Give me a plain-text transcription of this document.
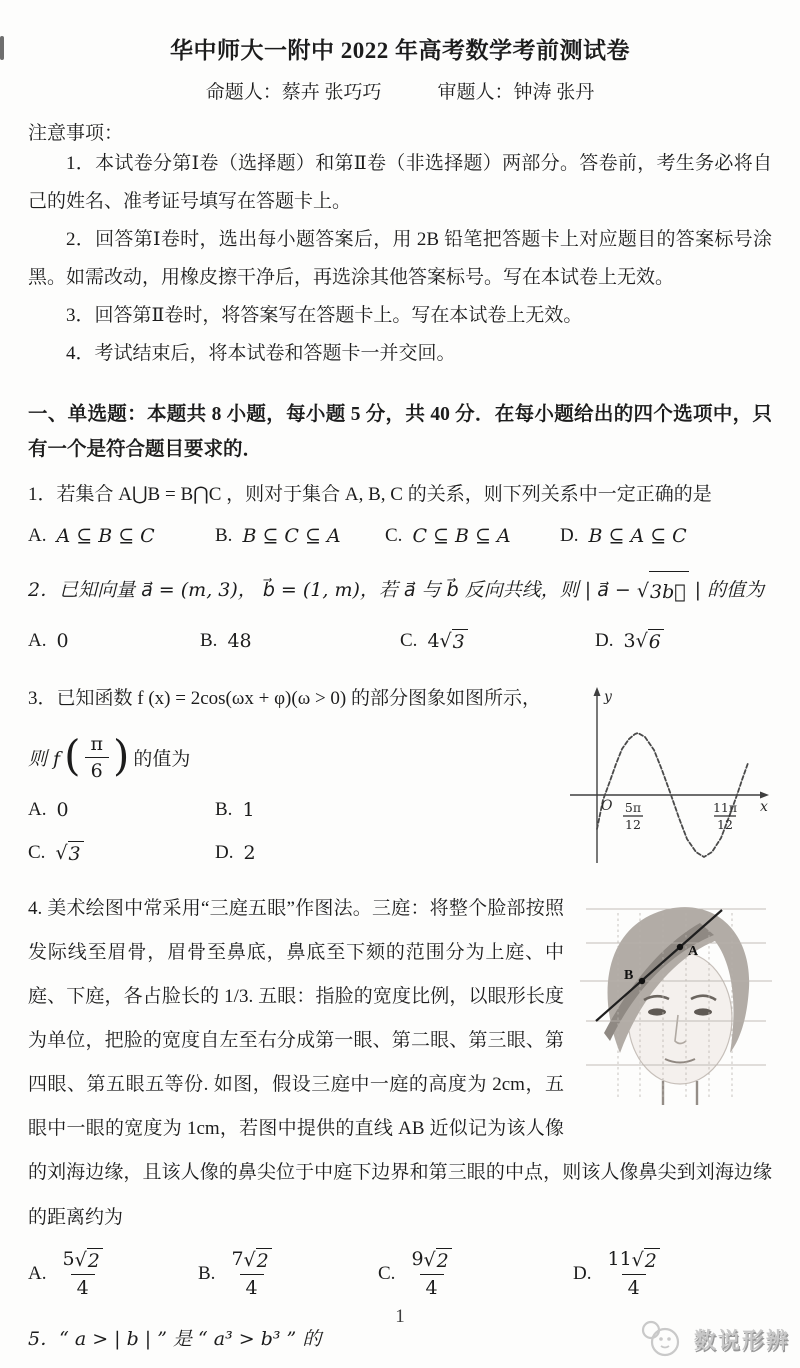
华中师大一附中 2022 年高考数学考前测试卷
命题人：蔡卉 张巧巧	审题人：钟涛 张丹
注意事项：

1．本试卷分第Ⅰ卷（选择题）和第Ⅱ卷（非选择题）两部分。答卷前，考生务必将自己的姓名、准考证号填写在答题卡上。

2．回答第Ⅰ卷时，选出每小题答案后，用 2B 铅笔把答题卡上对应题目的答案标号涂黑。如需改动，用橡皮擦干净后，再选涂其他答案标号。写在本试卷上无效。

3．回答第Ⅱ卷时，将答案写在答题卡上。写在本试卷上无效。

4．考试结束后，将本试卷和答题卡一并交回。

一、单选题：本题共 8 小题，每小题 5 分，共 40 分．在每小题给出的四个选项中，只有一个是符合题目要求的．
1．若集合 A⋃B = B⋂C ，则对于集合 A, B, C 的关系，则下列关系中一定正确的是
A. A ⊆ B ⊆ C	B. B ⊆ C ⊆ A C. C ⊆ B ⊆ A	D. B ⊆ A ⊆ C
2．已知向量 a⃗ = (m, 3)， b⃗ = (1, m)，若 a⃗ 与 b⃗ 反向共线，则 | a⃗ − √ 3b⃗ | 的值为
A. 0	B. 48	C. 4 √ 3	D. 3 √ 6
y
x
O 5π
12
11π
12
3．已知函数 f (x) = 2cos(ωx + φ)(ω > 0) 的部分图象如图所示，
则 f ( $\frac{\pi}{6}$ ) 的值为
A. 0	B. 1
C. √ 3	D. 2
A
B
4. 美术绘图中常采用“三庭五眼”作图法。三庭：将整个脸部按照发际线至眉骨，眉骨至鼻底，鼻底至下颏的范围分为上庭、中庭、下庭，各占脸长的 1/3. 五眼：指脸的宽度比例，以眼形长度为单位，把脸的宽度自左至右分成第一眼、第二眼、第三眼、第四眼、第五眼五等份. 如图，假设三庭中一庭的高度为 2cm，五眼中一眼的宽度为 1cm，若图中提供的直线 AB 近似记为该人像的刘海边缘，且该人像的鼻尖位于中庭下边界和第三眼的中点，则该人像鼻尖到刘海边缘的距离约为
A. $\frac{5 √ 2}{4}$	B. $\frac{7 √ 2}{4}$	C. $\frac{9 √ 2}{4}$	D. $\frac{11 √ 2}{4}$
5．“ a > | b | ” 是 “ a³ > b³ ” 的
1
数说形辨
